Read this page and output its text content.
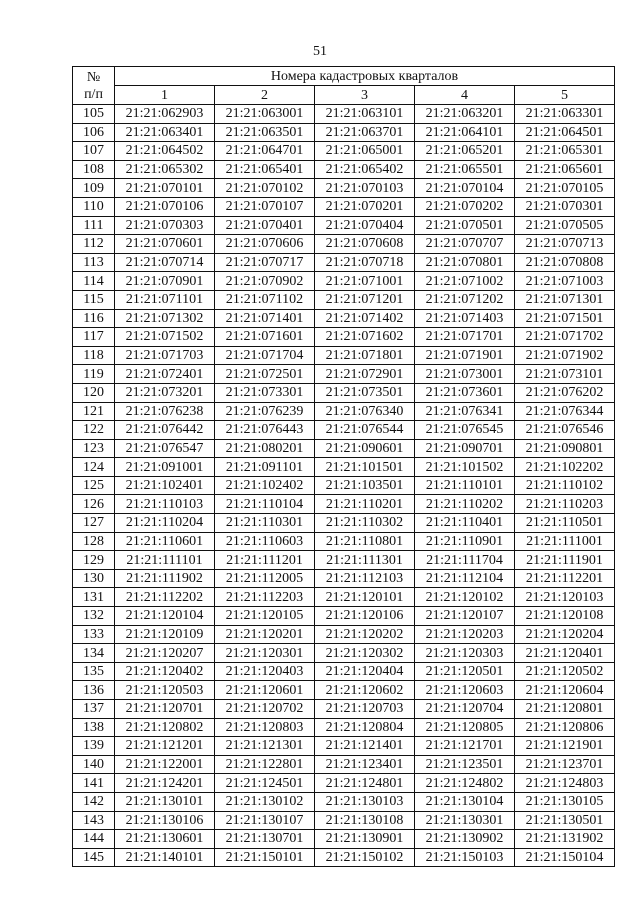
51
№
п/п	Номера кадастровых кварталов				
	1	2	3	4	5
105	21:21:062903	21:21:063001	21:21:063101	21:21:063201	21:21:063301
106	21:21:063401	21:21:063501	21:21:063701	21:21:064101	21:21:064501
107	21:21:064502	21:21:064701	21:21:065001	21:21:065201	21:21:065301
108	21:21:065302	21:21:065401	21:21:065402	21:21:065501	21:21:065601
109	21:21:070101	21:21:070102	21:21:070103	21:21:070104	21:21:070105
110	21:21:070106	21:21:070107	21:21:070201	21:21:070202	21:21:070301
111	21:21:070303	21:21:070401	21:21:070404	21:21:070501	21:21:070505
112	21:21:070601	21:21:070606	21:21:070608	21:21:070707	21:21:070713
113	21:21:070714	21:21:070717	21:21:070718	21:21:070801	21:21:070808
114	21:21:070901	21:21:070902	21:21:071001	21:21:071002	21:21:071003
115	21:21:071101	21:21:071102	21:21:071201	21:21:071202	21:21:071301
116	21:21:071302	21:21:071401	21:21:071402	21:21:071403	21:21:071501
117	21:21:071502	21:21:071601	21:21:071602	21:21:071701	21:21:071702
118	21:21:071703	21:21:071704	21:21:071801	21:21:071901	21:21:071902
119	21:21:072401	21:21:072501	21:21:072901	21:21:073001	21:21:073101
120	21:21:073201	21:21:073301	21:21:073501	21:21:073601	21:21:076202
121	21:21:076238	21:21:076239	21:21:076340	21:21:076341	21:21:076344
122	21:21:076442	21:21:076443	21:21:076544	21:21:076545	21:21:076546
123	21:21:076547	21:21:080201	21:21:090601	21:21:090701	21:21:090801
124	21:21:091001	21:21:091101	21:21:101501	21:21:101502	21:21:102202
125	21:21:102401	21:21:102402	21:21:103501	21:21:110101	21:21:110102
126	21:21:110103	21:21:110104	21:21:110201	21:21:110202	21:21:110203
127	21:21:110204	21:21:110301	21:21:110302	21:21:110401	21:21:110501
128	21:21:110601	21:21:110603	21:21:110801	21:21:110901	21:21:111001
129	21:21:111101	21:21:111201	21:21:111301	21:21:111704	21:21:111901
130	21:21:111902	21:21:112005	21:21:112103	21:21:112104	21:21:112201
131	21:21:112202	21:21:112203	21:21:120101	21:21:120102	21:21:120103
132	21:21:120104	21:21:120105	21:21:120106	21:21:120107	21:21:120108
133	21:21:120109	21:21:120201	21:21:120202	21:21:120203	21:21:120204
134	21:21:120207	21:21:120301	21:21:120302	21:21:120303	21:21:120401
135	21:21:120402	21:21:120403	21:21:120404	21:21:120501	21:21:120502
136	21:21:120503	21:21:120601	21:21:120602	21:21:120603	21:21:120604
137	21:21:120701	21:21:120702	21:21:120703	21:21:120704	21:21:120801
138	21:21:120802	21:21:120803	21:21:120804	21:21:120805	21:21:120806
139	21:21:121201	21:21:121301	21:21:121401	21:21:121701	21:21:121901
140	21:21:122001	21:21:122801	21:21:123401	21:21:123501	21:21:123701
141	21:21:124201	21:21:124501	21:21:124801	21:21:124802	21:21:124803
142	21:21:130101	21:21:130102	21:21:130103	21:21:130104	21:21:130105
143	21:21:130106	21:21:130107	21:21:130108	21:21:130301	21:21:130501
144	21:21:130601	21:21:130701	21:21:130901	21:21:130902	21:21:131902
145	21:21:140101	21:21:150101	21:21:150102	21:21:150103	21:21:150104
